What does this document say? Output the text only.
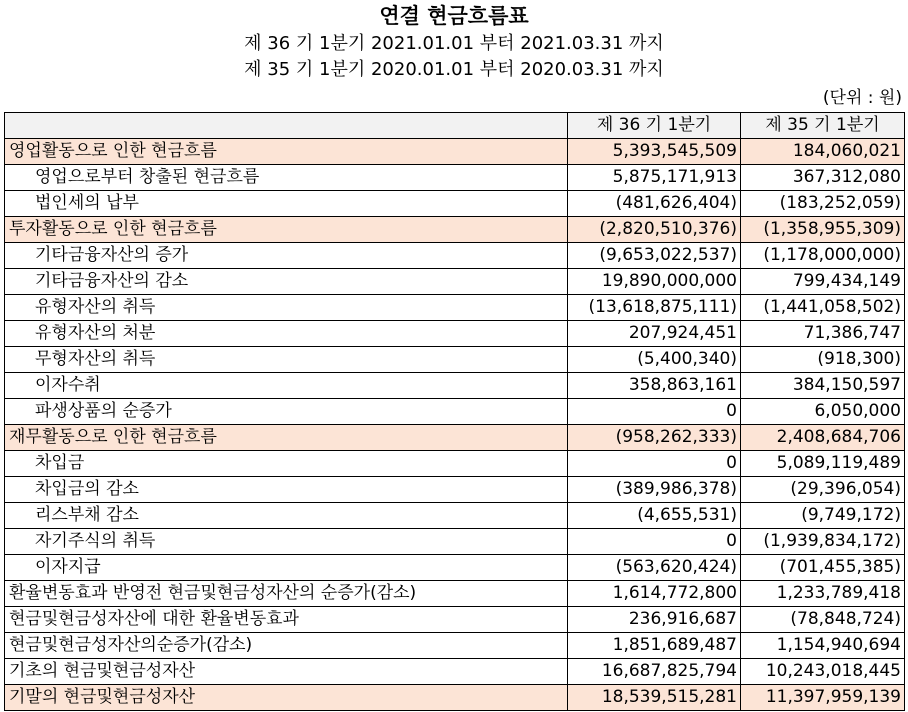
연결 현금흐름표
제 36 기 1분기 2021.01.01 부터 2021.03.31 까지
제 35 기 1분기 2020.01.01 부터 2020.03.31 까지
(단위 : 원)
	제 36 기 1분기	제 35 기 1분기
영업활동으로 인한 현금흐름	5,393,545,509	184,060,021
영업으로부터 창출된 현금흐름	5,875,171,913	367,312,080
법인세의 납부	(481,626,404)	(183,252,059)
투자활동으로 인한 현금흐름	(2,820,510,376)	(1,358,955,309)
기타금융자산의 증가	(9,653,022,537)	(1,178,000,000)
기타금융자산의 감소	19,890,000,000	799,434,149
유형자산의 취득	(13,618,875,111)	(1,441,058,502)
유형자산의 처분	207,924,451	71,386,747
무형자산의 취득	(5,400,340)	(918,300)
이자수취	358,863,161	384,150,597
파생상품의 순증가	0	6,050,000
재무활동으로 인한 현금흐름	(958,262,333)	2,408,684,706
차입금	0	5,089,119,489
차입금의 감소	(389,986,378)	(29,396,054)
리스부채 감소	(4,655,531)	(9,749,172)
자기주식의 취득	0	(1,939,834,172)
이자지급	(563,620,424)	(701,455,385)
환율변동효과 반영전 현금및현금성자산의 순증가(감소)	1,614,772,800	1,233,789,418
현금및현금성자산에 대한 환율변동효과	236,916,687	(78,848,724)
현금및현금성자산의순증가(감소)	1,851,689,487	1,154,940,694
기초의 현금및현금성자산	16,687,825,794	10,243,018,445
기말의 현금및현금성자산	18,539,515,281	11,397,959,139
